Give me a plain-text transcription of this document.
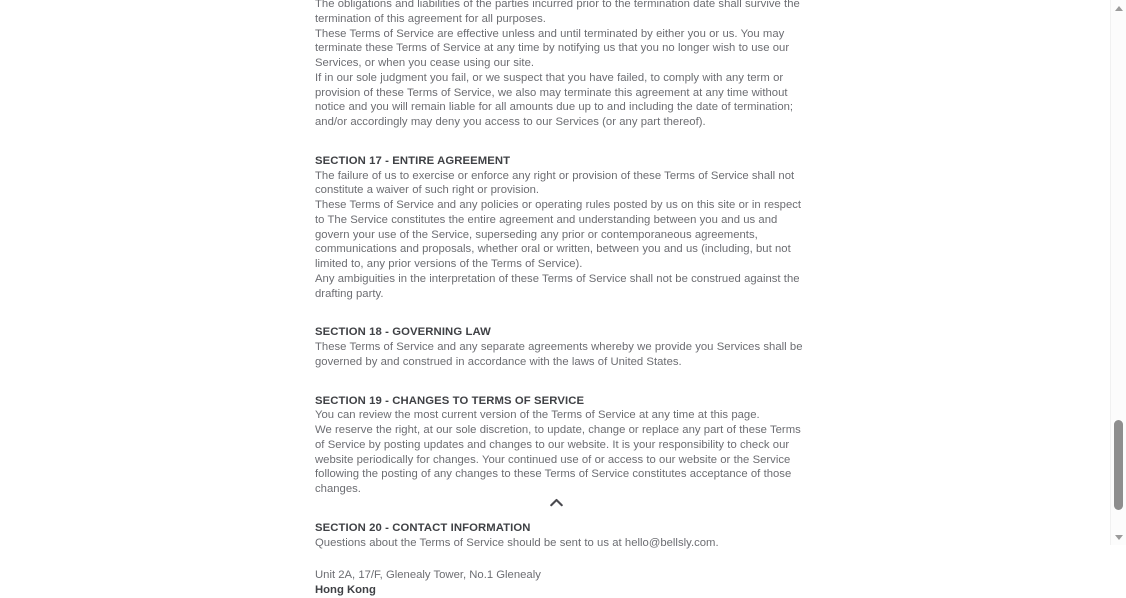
The obligations and liabilities of the parties incurred prior to the termination date shall survive the termination of this agreement for all purposes.

These Terms of Service are effective unless and until terminated by either you or us. You may terminate these Terms of Service at any time by notifying us that you no longer wish to use our Services, or when you cease using our site.

If in our sole judgment you fail, or we suspect that you have failed, to comply with any term or provision of these Terms of Service, we also may terminate this agreement at any time without notice and you will remain liable for all amounts due up to and including the date of termination; and/or accordingly may deny you access to our Services (or any part thereof).

SECTION 17 - ENTIRE AGREEMENT

The failure of us to exercise or enforce any right or provision of these Terms of Service shall not constitute a waiver of such right or provision.

These Terms of Service and any policies or operating rules posted by us on this site or in respect to The Service constitutes the entire agreement and understanding between you and us and govern your use of the Service, superseding any prior or contemporaneous agreements, communications and proposals, whether oral or written, between you and us (including, but not limited to, any prior versions of the Terms of Service).

Any ambiguities in the interpretation of these Terms of Service shall not be construed against the drafting party.

SECTION 18 - GOVERNING LAW

These Terms of Service and any separate agreements whereby we provide you Services shall be governed by and construed in accordance with the laws of United States.

SECTION 19 - CHANGES TO TERMS OF SERVICE

You can review the most current version of the Terms of Service at any time at this page.

We reserve the right, at our sole discretion, to update, change or replace any part of these Terms of Service by posting updates and changes to our website. It is your responsibility to check our website periodically for changes. Your continued use of or access to our website or the Service following the posting of any changes to these Terms of Service constitutes acceptance of those changes.

SECTION 20 - CONTACT INFORMATION

Questions about the Terms of Service should be sent to us at hello@bellsly.com.

Unit 2A, 17/F, Glenealy Tower, No.1 Glenealy

Hong Kong
